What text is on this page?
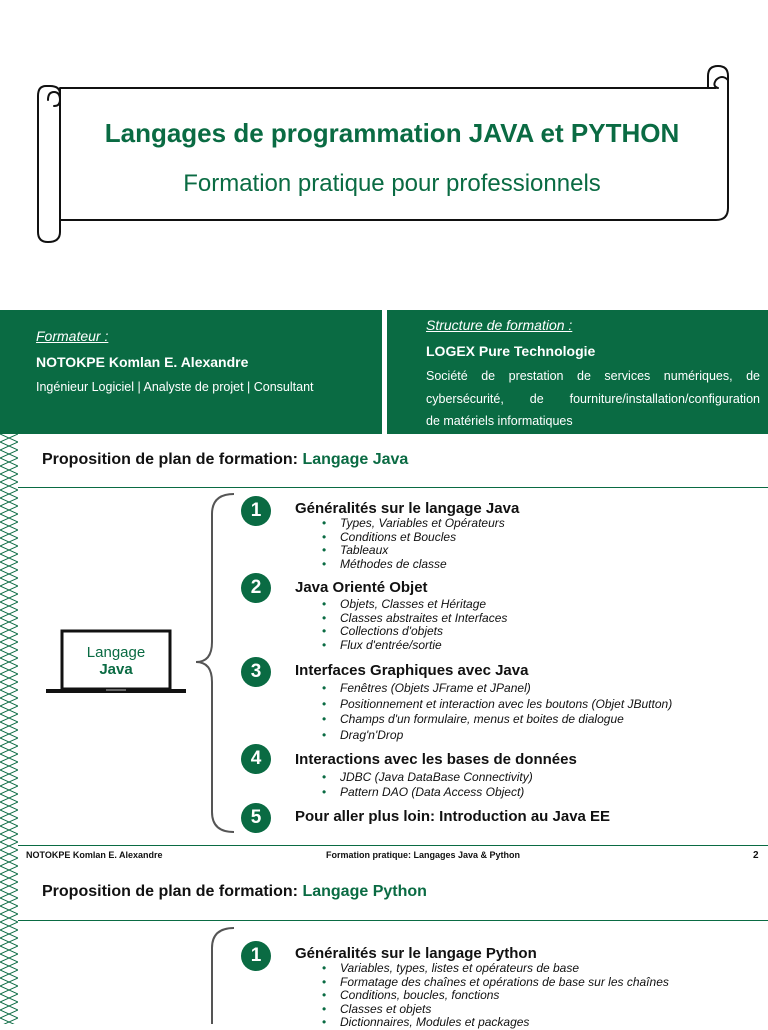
Langages de programmation JAVA et PYTHON
Formation pratique pour professionnels
Formateur :
NOTOKPE Komlan E. Alexandre
Ingénieur Logiciel | Analyste de projet | Consultant
Structure de formation :
LOGEX Pure Technologie
Société de prestation de services numériques, de
cybersécurité, de fourniture/installation/configuration
de matériels informatiques
Proposition de plan de formation: Langage Java
Langage
Java
1	Généralités sur le langage Java
• Types, Variables et Opérateurs
• Conditions et Boucles
• Tableaux
• Méthodes de classe
2	Java Orienté Objet
• Objets, Classes et Héritage
• Classes abstraites et Interfaces
• Collections d'objets
• Flux d'entrée/sortie
3	Interfaces Graphiques avec Java
• Fenêtres (Objets JFrame et JPanel)
• Positionnement et interaction avec les boutons (Objet JButton)
• Champs d'un formulaire, menus et boites de dialogue
• Drag'n'Drop
4	Interactions avec les bases de données
• JDBC (Java DataBase Connectivity)
• Pattern DAO (Data Access Object)
5	Pour aller plus loin: Introduction au Java EE
NOTOKPE Komlan E. Alexandre	Formation pratique: Langages Java & Python	2
Proposition de plan de formation: Langage Python
1	Généralités sur le langage Python
• Variables, types, listes et opérateurs de base
• Formatage des chaînes et opérations de base sur les chaînes
• Conditions, boucles, fonctions
• Classes et objets
• Dictionnaires, Modules et packages
